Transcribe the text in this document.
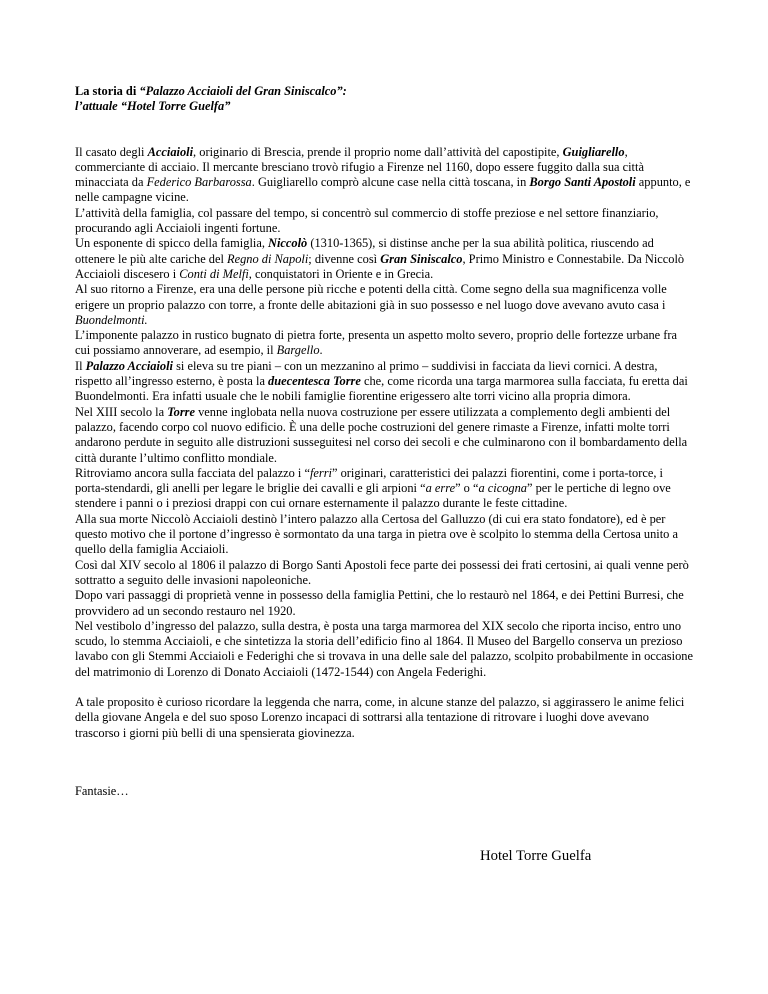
La storia di “Palazzo Acciaioli del Gran Siniscalco”:
l’attuale “Hotel Torre Guelfa”

Il casato degli Acciaioli, originario di Brescia, prende il proprio nome dall’attività del capostipite, Guigliarello, commerciante di acciaio. Il mercante bresciano trovò rifugio a Firenze nel 1160, dopo essere fuggito dalla sua città minacciata da Federico Barbarossa. Guigliarello comprò alcune case nella città toscana, in Borgo Santi Apostoli appunto, e nelle campagne vicine.

L’attività della famiglia, col passare del tempo, si concentrò sul commercio di stoffe preziose e nel settore finanziario, procurando agli Acciaioli ingenti fortune.

Un esponente di spicco della famiglia, Niccolò (1310-1365), si distinse anche per la sua abilità politica, riuscendo ad ottenere le più alte cariche del Regno di Napoli; divenne così Gran Siniscalco, Primo Ministro e Connestabile. Da Niccolò Acciaioli discesero i Conti di Melfi, conquistatori in Oriente e in Grecia.

Al suo ritorno a Firenze, era una delle persone più ricche e potenti della città. Come segno della sua magnificenza volle erigere un proprio palazzo con torre, a fronte delle abitazioni già in suo possesso e nel luogo dove avevano avuto casa i Buondelmonti.

L’imponente palazzo in rustico bugnato di pietra forte, presenta un aspetto molto severo, proprio delle fortezze urbane fra cui possiamo annoverare, ad esempio, il Bargello.

Il Palazzo Acciaioli si eleva su tre piani – con un mezzanino al primo – suddivisi in facciata da lievi cornici. A destra, rispetto all’ingresso esterno, è posta la duecentesca Torre che, come ricorda una targa marmorea sulla facciata, fu eretta dai Buondelmonti. Era infatti usuale che le nobili famiglie fiorentine erigessero alte torri vicino alla propria dimora.

Nel XIII secolo la Torre venne inglobata nella nuova costruzione per essere utilizzata a complemento degli ambienti del palazzo, facendo corpo col nuovo edificio. È una delle poche costruzioni del genere rimaste a Firenze, infatti molte torri andarono perdute in seguito alle distruzioni susseguitesi nel corso dei secoli e che culminarono con il bombardamento della città durante l’ultimo conflitto mondiale.

Ritroviamo ancora sulla facciata del palazzo i “ferri” originari, caratteristici dei palazzi fiorentini, come i porta-torce, i porta-stendardi, gli anelli per legare le briglie dei cavalli e gli arpioni “a erre” o “a cicogna” per le pertiche di legno ove stendere i panni o i preziosi drappi con cui ornare esternamente il palazzo durante le feste cittadine.

Alla sua morte Niccolò Acciaioli destinò l’intero palazzo alla Certosa del Galluzzo (di cui era stato fondatore), ed è per questo motivo che il portone d’ingresso è sormontato da una targa in pietra ove è scolpito lo stemma della Certosa unito a quello della famiglia Acciaioli.

Così dal XIV secolo al 1806 il palazzo di Borgo Santi Apostoli fece parte dei possessi dei frati certosini, ai quali venne però sottratto a seguito delle invasioni napoleoniche.

Dopo vari passaggi di proprietà venne in possesso della famiglia Pettini, che lo restaurò nel 1864, e dei Pettini Burresi, che provvidero ad un secondo restauro nel 1920.

Nel vestibolo d’ingresso del palazzo, sulla destra, è posta una targa marmorea del XIX secolo che riporta inciso, entro uno scudo, lo stemma Acciaioli, e che sintetizza la storia dell’edificio fino al 1864. Il Museo del Bargello conserva un prezioso lavabo con gli Stemmi Acciaioli e Federighi che si trovava in una delle sale del palazzo, scolpito probabilmente in occasione del matrimonio di Lorenzo di Donato Acciaioli (1472-1544) con Angela Federighi.

A tale proposito è curioso ricordare la leggenda che narra, come, in alcune stanze del palazzo, si aggirassero le anime felici della giovane Angela e del suo sposo Lorenzo incapaci di sottrarsi alla tentazione di ritrovare i luoghi dove avevano trascorso i giorni più belli di una spensierata giovinezza.

Fantasie…

Hotel Torre Guelfa
